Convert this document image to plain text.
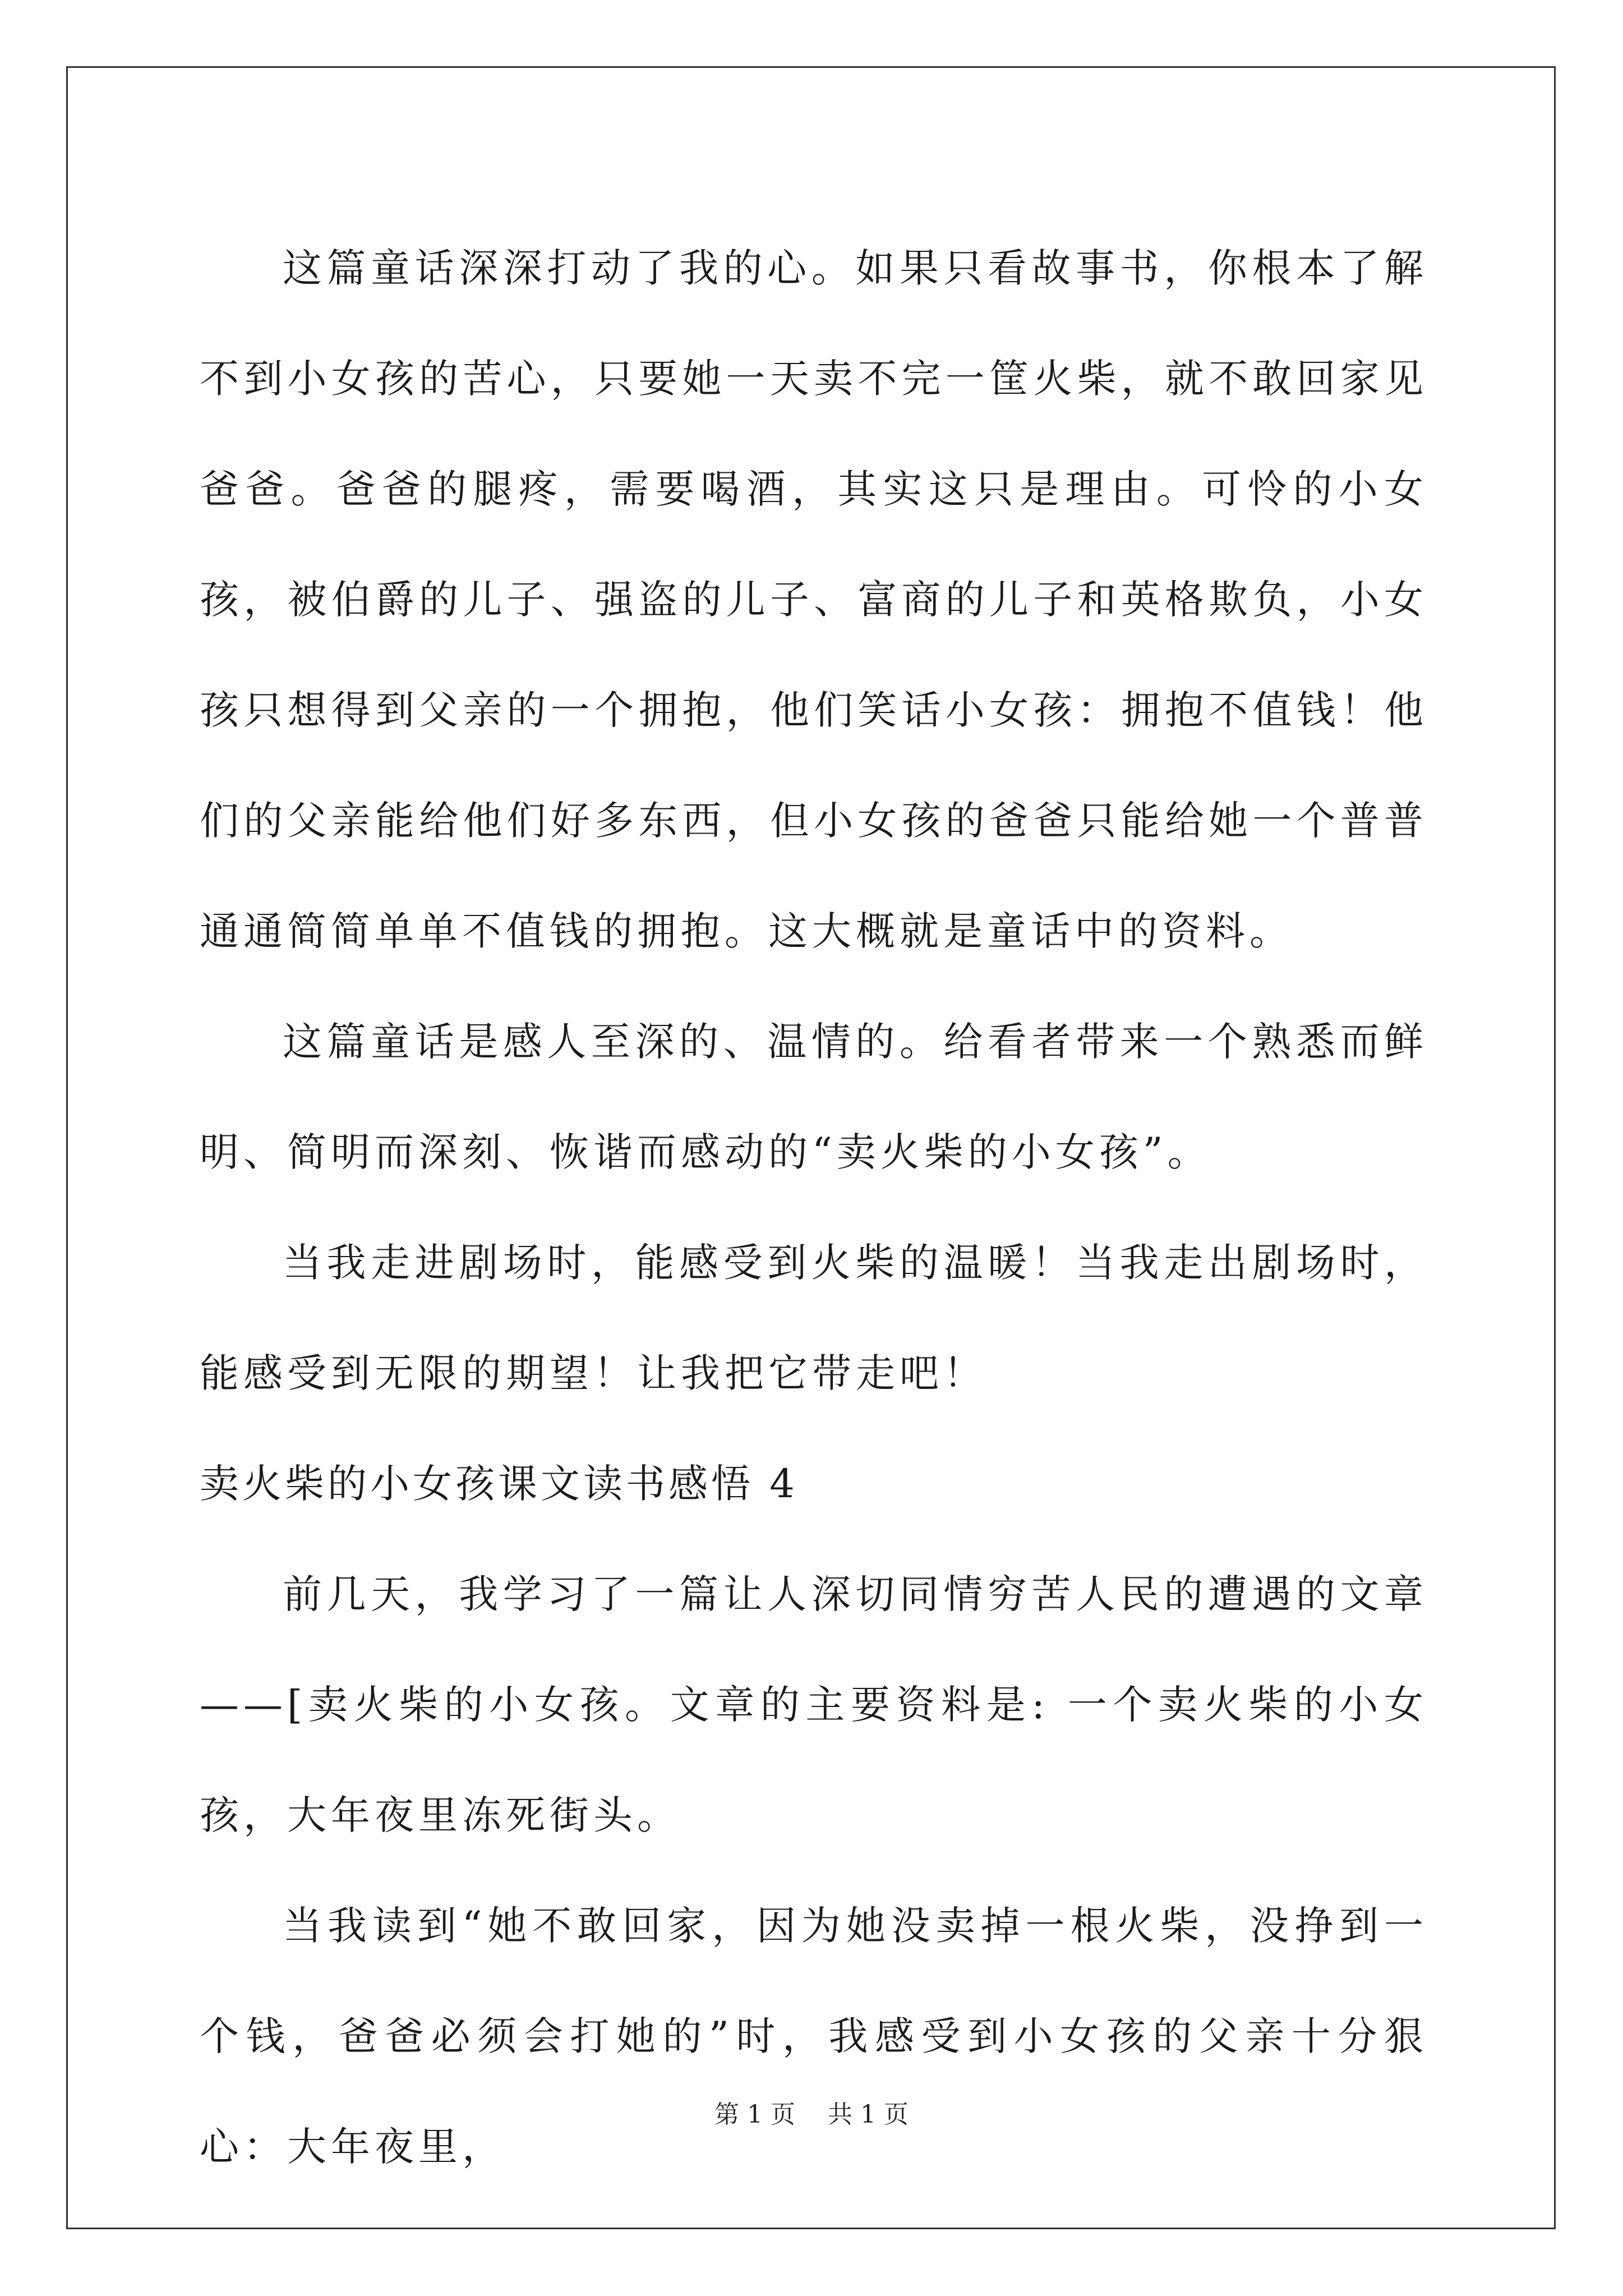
这篇童话深深打动了我的心。如果只看故事书，你根本了解不到小女孩的苦心，只要她一天卖不完一筐火柴，就不敢回家见爸爸。爸爸的腿疼，需要喝酒，其实这只是理由。可怜的小女孩，被伯爵的儿子、强盗的儿子、富商的儿子和英格欺负，小女孩只想得到父亲的一个拥抱，他们笑话小女孩：拥抱不值钱！他们的父亲能给他们好多东西，但小女孩的爸爸只能给她一个普普通通简简单单不值钱的拥抱。这大概就是童话中的资料。

这篇童话是感人至深的、温情的。给看者带来一个熟悉而鲜明、简明而深刻、恢谐而感动的“卖火柴的小女孩”。

当我走进剧场时，能感受到火柴的温暖！当我走出剧场时，能感受到无限的期望！让我把它带走吧！

卖火柴的小女孩课文读书感悟 4

前几天，我学习了一篇让人深切同情穷苦人民的遭遇的文章——[卖火柴的小女孩。文章的主要资料是: 一个卖火柴的小女孩，大年夜里冻死街头。

当我读到“她不敢回家，因为她没卖掉一根火柴，没挣到一个钱，爸爸必须会打她的”时，我感受到小女孩的父亲十分狠心：大年夜里，

第 1 页 共 1 页
